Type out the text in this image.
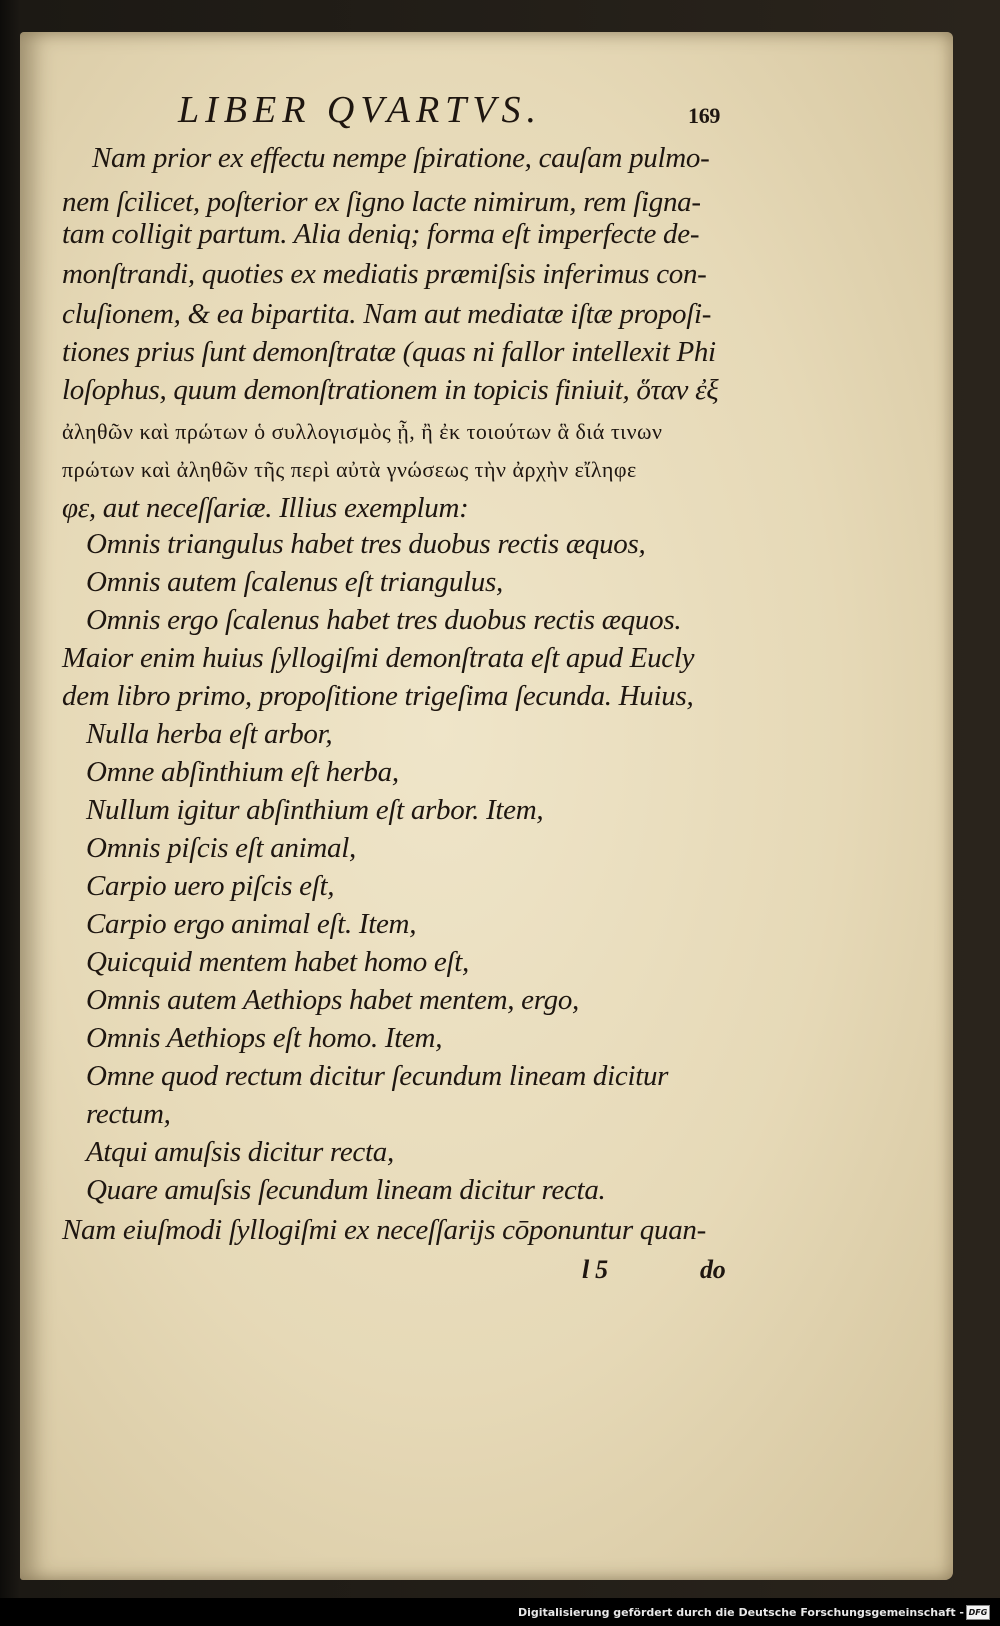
LIBER QVARTVS.	169
Nam prior ex effectu nempe ſpiratione, cauſam pulmo-
nem ſcilicet, poſterior ex ſigno lacte nimirum, rem ſigna-
tam colligit partum. Alia deniq; forma eſt imperfecte de-
monſtrandi, quoties ex mediatis præmiſsis inferimus con-
cluſionem, & ea bipartita. Nam aut mediatæ iſtæ propoſi-
tiones prius ſunt demonſtratæ (quas ni fallor intellexit Phi
loſophus, quum demonſtrationem in topicis finiuit, ὅταν ἐξ
ἀληθῶν καὶ πρώτων ὁ συλλογισμὸς ᾖ, ἢ ἐκ τοιούτων ἃ διά τινων
πρώτων καὶ ἀληθῶν τῆς περὶ αὐτὰ γνώσεως τὴν ἀρχὴν εἴληφε
φε, aut neceſſariæ. Illius exemplum:
Omnis triangulus habet tres duobus rectis æquos,
Omnis autem ſcalenus eſt triangulus,
Omnis ergo ſcalenus habet tres duobus rectis æquos.
Maior enim huius ſyllogiſmi demonſtrata eſt apud Eucly
dem libro primo, propoſitione trigeſima ſecunda. Huius,
Nulla herba eſt arbor,
Omne abſinthium eſt herba,
Nullum igitur abſinthium eſt arbor. Item,
Omnis piſcis eſt animal,
Carpio uero piſcis eſt,
Carpio ergo animal eſt. Item,
Quicquid mentem habet homo eſt,
Omnis autem Aethiops habet mentem, ergo,
Omnis Aethiops eſt homo. Item,
Omne quod rectum dicitur ſecundum lineam dicitur
rectum,
Atqui amuſsis dicitur recta,
Quare amuſsis ſecundum lineam dicitur recta.
Nam eiuſmodi ſyllogiſmi ex neceſſarijs cōponuntur quan-
l 5	do
Digitalisierung gefördert durch die Deutsche Forschungsgemeinschaft - DFG
